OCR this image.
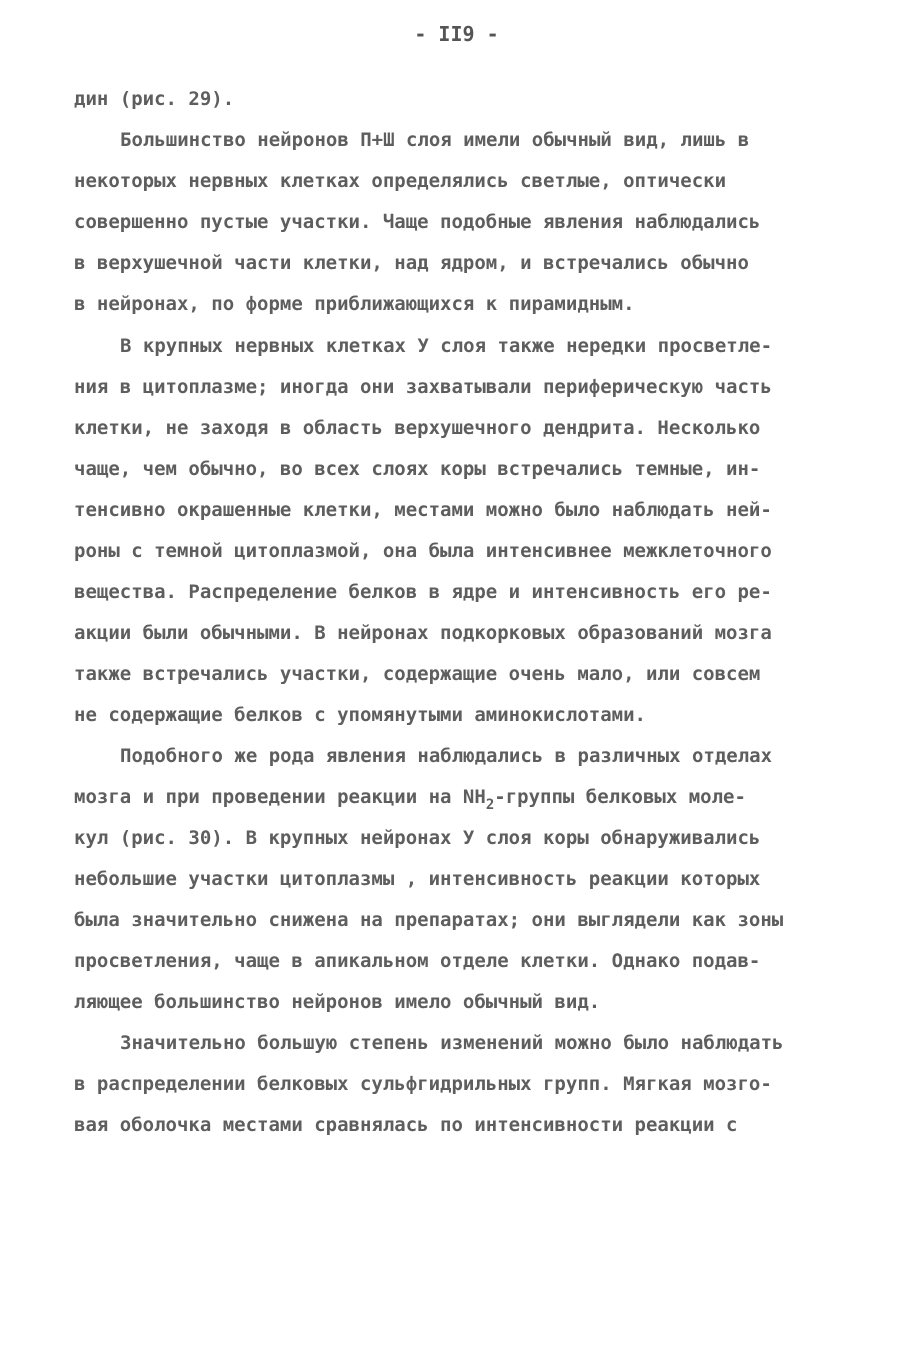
- II9 -
дин (рис. 29).
Большинство нейронов П+Ш слоя имели обычный вид, лишь в
некоторых нервных клетках определялись светлые, оптически
совершенно пустые участки. Чаще подобные явления наблюдались
в верхушечной части клетки, над ядром, и встречались обычно
в нейронах, по форме приближающихся к пирамидным.
В крупных нервных клетках У слоя также нередки просветле-
ния в цитоплазме; иногда они захватывали периферическую часть
клетки, не заходя в область верхушечного дендрита. Несколько
чаще, чем обычно, во всех слоях коры встречались темные, ин-
тенсивно окрашенные клетки, местами можно было наблюдать ней-
роны с темной цитоплазмой, она была интенсивнее межклеточного
вещества. Распределение белков в ядре и интенсивность его ре-
акции были обычными. В нейронах подкорковых образований мозга
также встречались участки, содержащие очень мало, или совсем
не содержащие белков с упомянутыми аминокислотами.
Подобного же рода явления наблюдались в различных отделах
мозга и при проведении реакции на $NH_2$-группы белковых моле-
кул (рис. 30). В крупных нейронах У слоя коры обнаруживались
небольшие участки цитоплазмы , интенсивность реакции которых
была значительно снижена на препаратах; они выглядели как зоны
просветления, чаще в апикальном отделе клетки. Однако подав-
ляющее большинство нейронов имело обычный вид.
Значительно большую степень изменений можно было наблюдать
в распределении белковых сульфгидрильных групп. Мягкая мозго-
вая оболочка местами сравнялась по интенсивности реакции с
